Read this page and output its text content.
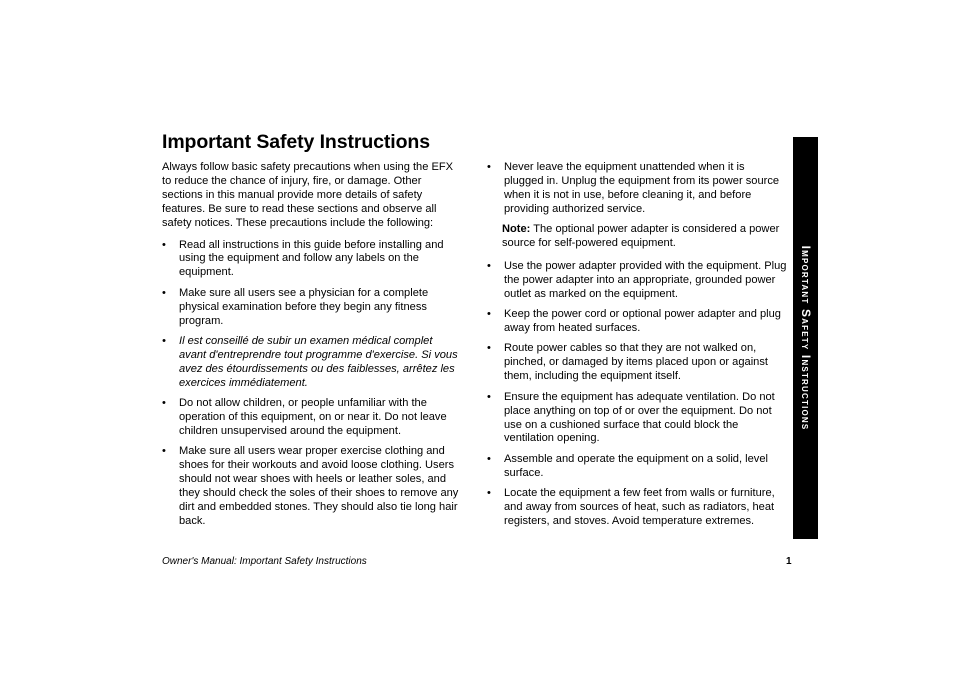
Important Safety Instructions

Always follow basic safety precautions when using the EFX to reduce the chance of injury, fire, or damage. Other sections in this manual provide more details of safety features. Be sure to read these sections and observe all safety notices. These precautions include the following:

• Read all instructions in this guide before installing and using the equipment and follow any labels on the equipment.
• Make sure all users see a physician for a complete physical examination before they begin any fitness program.
• Il est conseillé de subir un examen médical complet avant d'entreprendre tout programme d'exercise. Si vous avez des étourdissements ou des faiblesses, arrêtez les exercices immédiatement.
• Do not allow children, or people unfamiliar with the operation of this equipment, on or near it. Do not leave children unsupervised around the equipment.
• Make sure all users wear proper exercise clothing and shoes for their workouts and avoid loose clothing. Users should not wear shoes with heels or leather soles, and they should check the soles of their shoes to remove any dirt and embedded stones. They should also tie long hair back.
• Never leave the equipment unattended when it is plugged in. Unplug the equipment from its power source when it is not in use, before cleaning it, and before providing authorized service.

Note: The optional power adapter is considered a power source for self-powered equipment.

• Use the power adapter provided with the equipment. Plug the power adapter into an appropriate, grounded power outlet as marked on the equipment.
• Keep the power cord or optional power adapter and plug away from heated surfaces.
• Route power cables so that they are not walked on, pinched, or damaged by items placed upon or against them, including the equipment itself.
• Ensure the equipment has adequate ventilation. Do not place anything on top of or over the equipment. Do not use on a cushioned surface that could block the ventilation opening.
• Assemble and operate the equipment on a solid, level surface.
• Locate the equipment a few feet from walls or furniture, and away from sources of heat, such as radiators, heat registers, and stoves. Avoid temperature extremes.
Important Safety Instructions
Owner's Manual: Important Safety Instructions	1
